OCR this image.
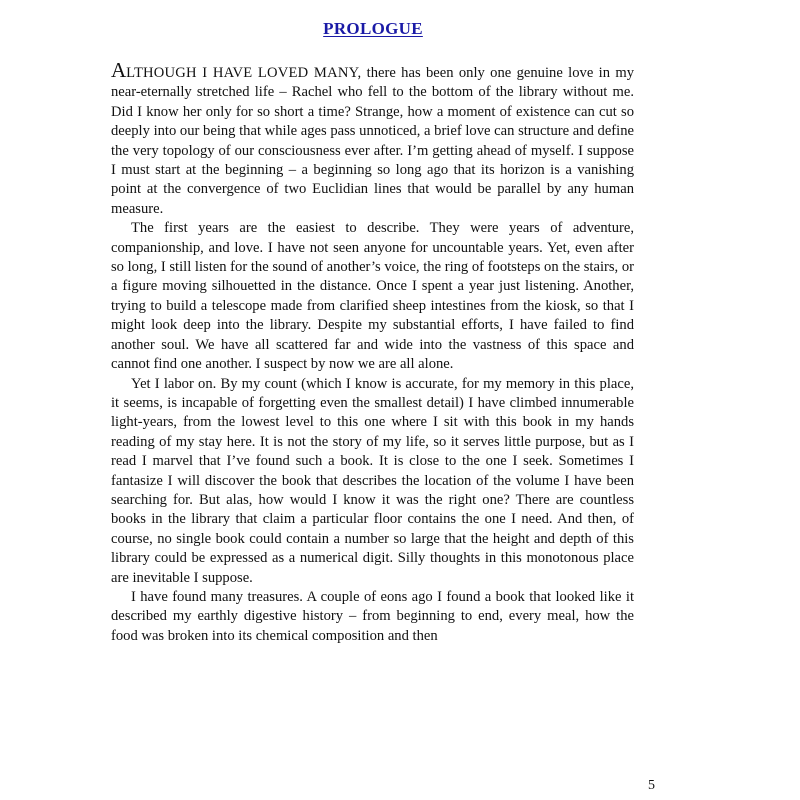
PROLOGUE

ALTHOUGH I HAVE LOVED MANY, there has been only one genuine love in my near-eternally stretched life – Rachel who fell to the bottom of the library without me. Did I know her only for so short a time? Strange, how a moment of existence can cut so deeply into our being that while ages pass unnoticed, a brief love can structure and define the very topology of our consciousness ever after. I’m getting ahead of myself. I suppose I must start at the beginning – a beginning so long ago that its horizon is a vanishing point at the convergence of two Euclidian lines that would be parallel by any human measure.

The first years are the easiest to describe. They were years of adventure, companionship, and love. I have not seen anyone for uncountable years. Yet, even after so long, I still listen for the sound of another’s voice, the ring of footsteps on the stairs, or a figure moving silhouetted in the distance. Once I spent a year just listening. Another, trying to build a telescope made from clarified sheep intestines from the kiosk, so that I might look deep into the library. Despite my substantial efforts, I have failed to find another soul. We have all scattered far and wide into the vastness of this space and cannot find one another. I suspect by now we are all alone.

Yet I labor on. By my count (which I know is accurate, for my memory in this place, it seems, is incapable of forgetting even the smallest detail) I have climbed innumerable light-years, from the lowest level to this one where I sit with this book in my hands reading of my stay here. It is not the story of my life, so it serves little purpose, but as I read I marvel that I’ve found such a book. It is close to the one I seek. Sometimes I fantasize I will discover the book that describes the location of the volume I have been searching for. But alas, how would I know it was the right one? There are countless books in the library that claim a particular floor contains the one I need. And then, of course, no single book could contain a number so large that the height and depth of this library could be expressed as a numerical digit. Silly thoughts in this monotonous place are inevitable I suppose.

I have found many treasures. A couple of eons ago I found a book that looked like it described my earthly digestive history – from beginning to end, every meal, how the food was broken into its chemical composition and then

5
